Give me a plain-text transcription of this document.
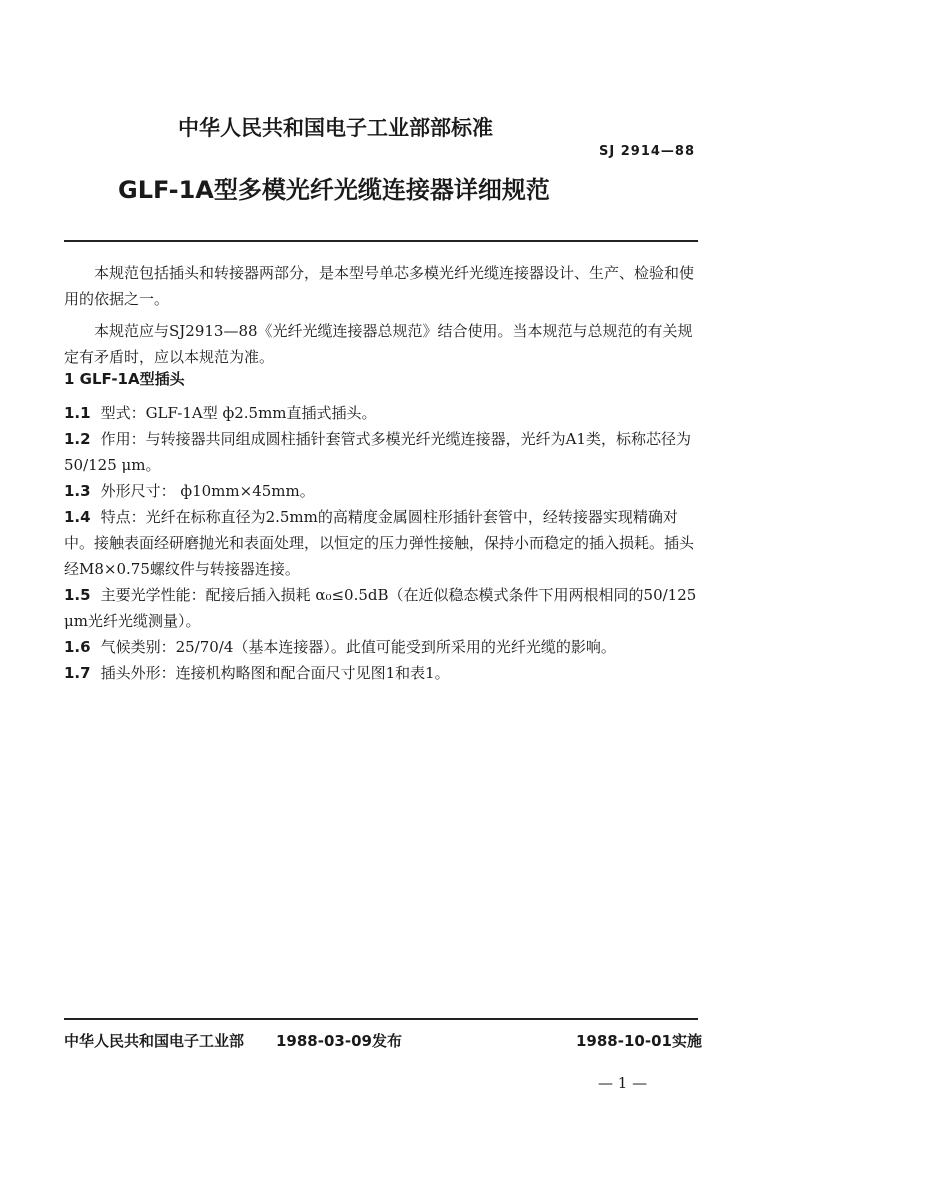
中华人民共和国电子工业部部标准
SJ 2914—88
GLF-1A型多模光纤光缆连接器详细规范

本规范包括插头和转接器两部分，是本型号单芯多模光纤光缆连接器设计、生产、检验和使用的依据之一。

本规范应与SJ2913—88《光纤光缆连接器总规范》结合使用。当本规范与总规范的有关规定有矛盾时，应以本规范为准。

1 GLF-1A型插头

1.1 型式：GLF-1A型 ф2.5mm直插式插头。

1.2 作用：与转接器共同组成圆柱插针套管式多模光纤光缆连接器，光纤为A1类，标称芯径为50/125 μm。

1.3 外形尺寸： ф10mm×45mm。

1.4 特点：光纤在标称直径为2.5mm的高精度金属圆柱形插针套管中，经转接器实现精确对中。接触表面经研磨抛光和表面处理，以恒定的压力弹性接触，保持小而稳定的插入损耗。插头经M8×0.75螺纹件与转接器连接。

1.5 主要光学性能：配接后插入损耗 α₀≤0.5dB（在近似稳态模式条件下用两根相同的50/125 μm光纤光缆测量）。

1.6 气候类别：25/70/4（基本连接器）。此值可能受到所采用的光纤光缆的影响。

1.7 插头外形：连接机构略图和配合面尺寸见图1和表1。

中华人民共和国电子工业部 1988-03-09发布	1988-10-01实施
— 1 —
